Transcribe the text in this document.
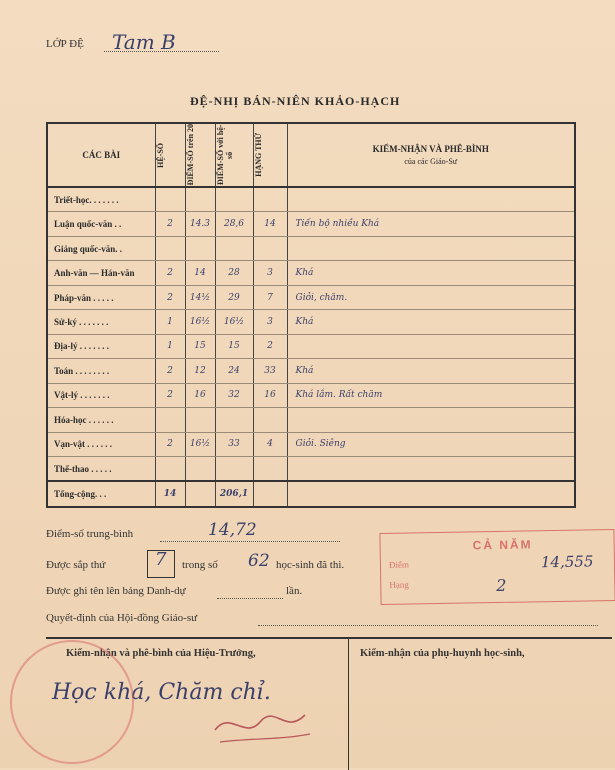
LỚP ĐỆ Tam B
ĐỆ-NHỊ BÁN-NIÊN KHẢO-HẠCH
CÁC BÀI	HỆ-SỐ	ĐIỂM-SỐ trên 20	ĐIỂM-SỐ với hệ-số	HẠNG THỨ	KIỂM-NHẬN VÀ PHÊ-BÌNH
của các Giáo-Sư

Triết-học. . . . . . .					
Luận quốc-văn . .	2	14.3	28,6	14	Tiến bộ nhiều Khá
Giảng quốc-văn. .					
Anh-văn — Hán-văn	2	14	28	3	Khá
Pháp-văn . . . . .	2	14½	29	7	Giỏi, chăm.
Sử-ký . . . . . . .	1	16½	16½	3	Khá
Địa-lý . . . . . . .	1	15	15	2	
Toán . . . . . . . .	2	12	24	33	Khá
Vật-lý . . . . . . .	2	16	32	16	Khá lắm. Rất chăm
Hóa-học . . . . . .					
Vạn-vật . . . . . .	2	16½	33	4	Giỏi. Siêng
Thể-thao . . . . .					
Tổng-cộng. . .	14		206,1		
Điểm-số trung-bình	14,72
Được sắp thứ	7 trong số 62 học-sinh đã thi.
Được ghi tên lên bảng Danh-dự	lần.
Quyết-định của Hội-đồng Giáo-sư
CẢ NĂM
Điểm
Hạng
14,555
2
Kiểm-nhận và phê-bình của Hiệu-Trưởng,	Kiểm-nhận của phụ-huynh học-sinh,
Học khá, Chăm chỉ.
